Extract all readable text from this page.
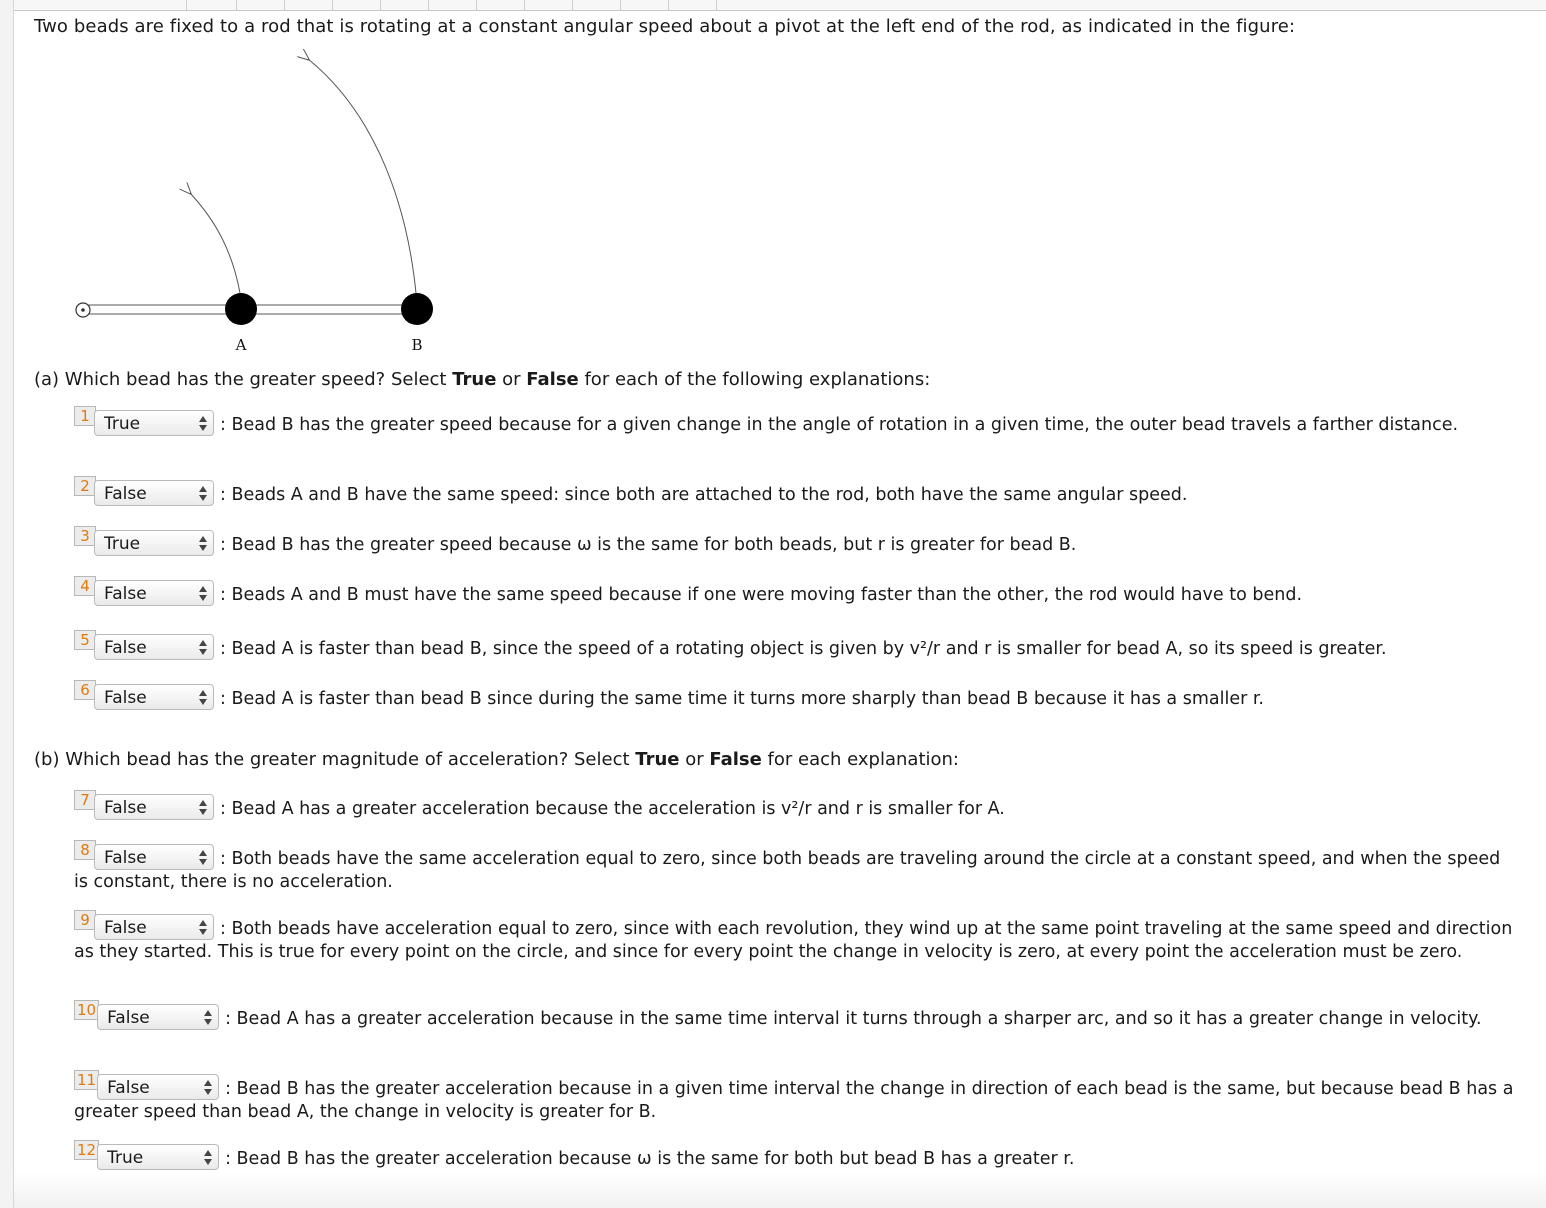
Two beads are fixed to a rod that is rotating at a constant angular speed about a pivot at the left end of the rod, as indicated in the figure:
A	B
(a) Which bead has the greater speed? Select True or False for each of the following explanations:
1 True	: Bead B has the greater speed because for a given change in the angle of rotation in a given time, the outer bead travels a farther distance.
2 False	: Beads A and B have the same speed: since both are attached to the rod, both have the same angular speed.
3 True	: Bead B has the greater speed because ω is the same for both beads, but r is greater for bead B.
4 False	: Beads A and B must have the same speed because if one were moving faster than the other, the rod would have to bend.
5 False	: Bead A is faster than bead B, since the speed of a rotating object is given by v²/r and r is smaller for bead A, so its speed is greater.
6 False	: Bead A is faster than bead B since during the same time it turns more sharply than bead B because it has a smaller r.
(b) Which bead has the greater magnitude of acceleration? Select True or False for each explanation:
7 False	: Bead A has a greater acceleration because the acceleration is v²/r and r is smaller for A.
8 False	: Both beads have the same acceleration equal to zero, since both beads are traveling around the circle at a constant speed, and when the speed is constant, there is no acceleration.
9 False	: Both beads have acceleration equal to zero, since with each revolution, they wind up at the same point traveling at the same speed and direction as they started. This is true for every point on the circle, and since for every point the change in velocity is zero, at every point the acceleration must be zero.
10 False	: Bead A has a greater acceleration because in the same time interval it turns through a sharper arc, and so it has a greater change in velocity.
11 False	: Bead B has the greater acceleration because in a given time interval the change in direction of each bead is the same, but because bead B has a greater speed than bead A, the change in velocity is greater for B.
12 True	: Bead B has the greater acceleration because ω is the same for both but bead B has a greater r.
